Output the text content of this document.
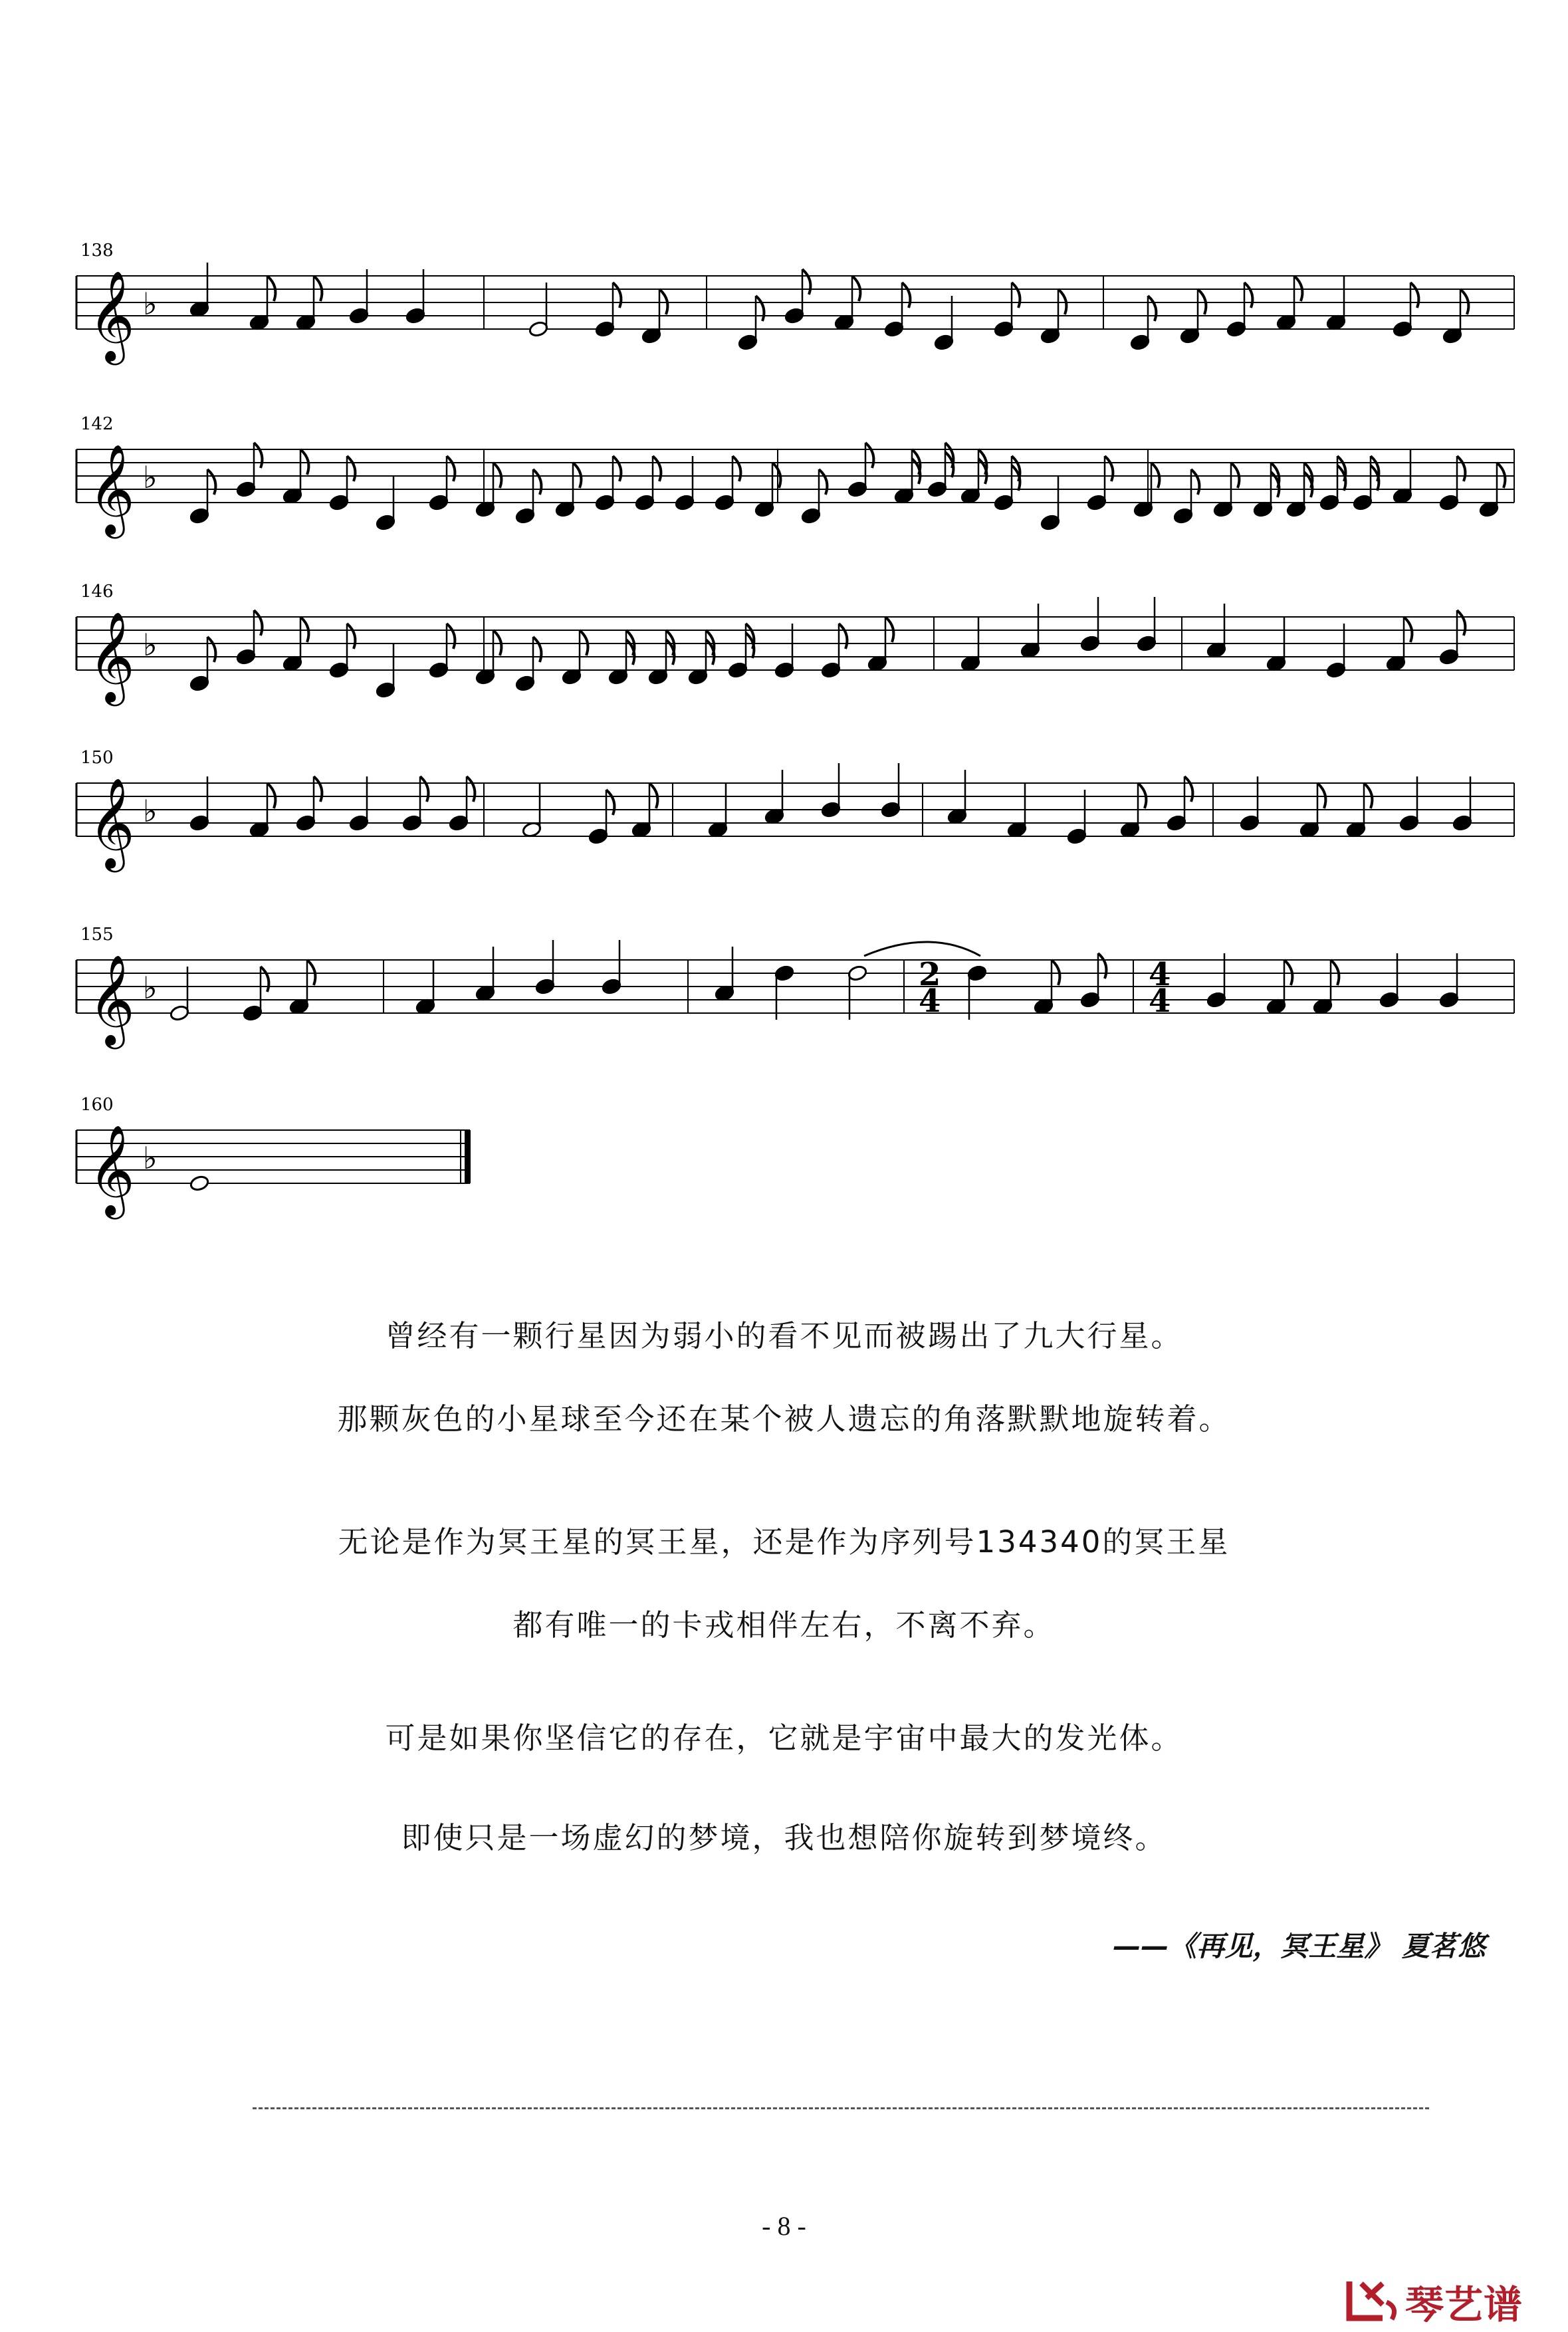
138
𝄞 ♭
142
𝄞 ♭
146
𝄞 ♭
150
𝄞 ♭
155
𝄞 ♭
160
𝄞 ♭
2
4
4
4
曾经有一颗行星因为弱小的看不见而被踢出了九大行星。
那颗灰色的小星球至今还在某个被人遗忘的角落默默地旋转着。
无论是作为冥王星的冥王星，还是作为序列号134340的冥王星
都有唯一的卡戎相伴左右，不离不弃。
可是如果你坚信它的存在，它就是宇宙中最大的发光体。
即使只是一场虚幻的梦境，我也想陪你旋转到梦境终。
——《再见，冥王星》 夏茗悠
- 8 -
琴艺谱
